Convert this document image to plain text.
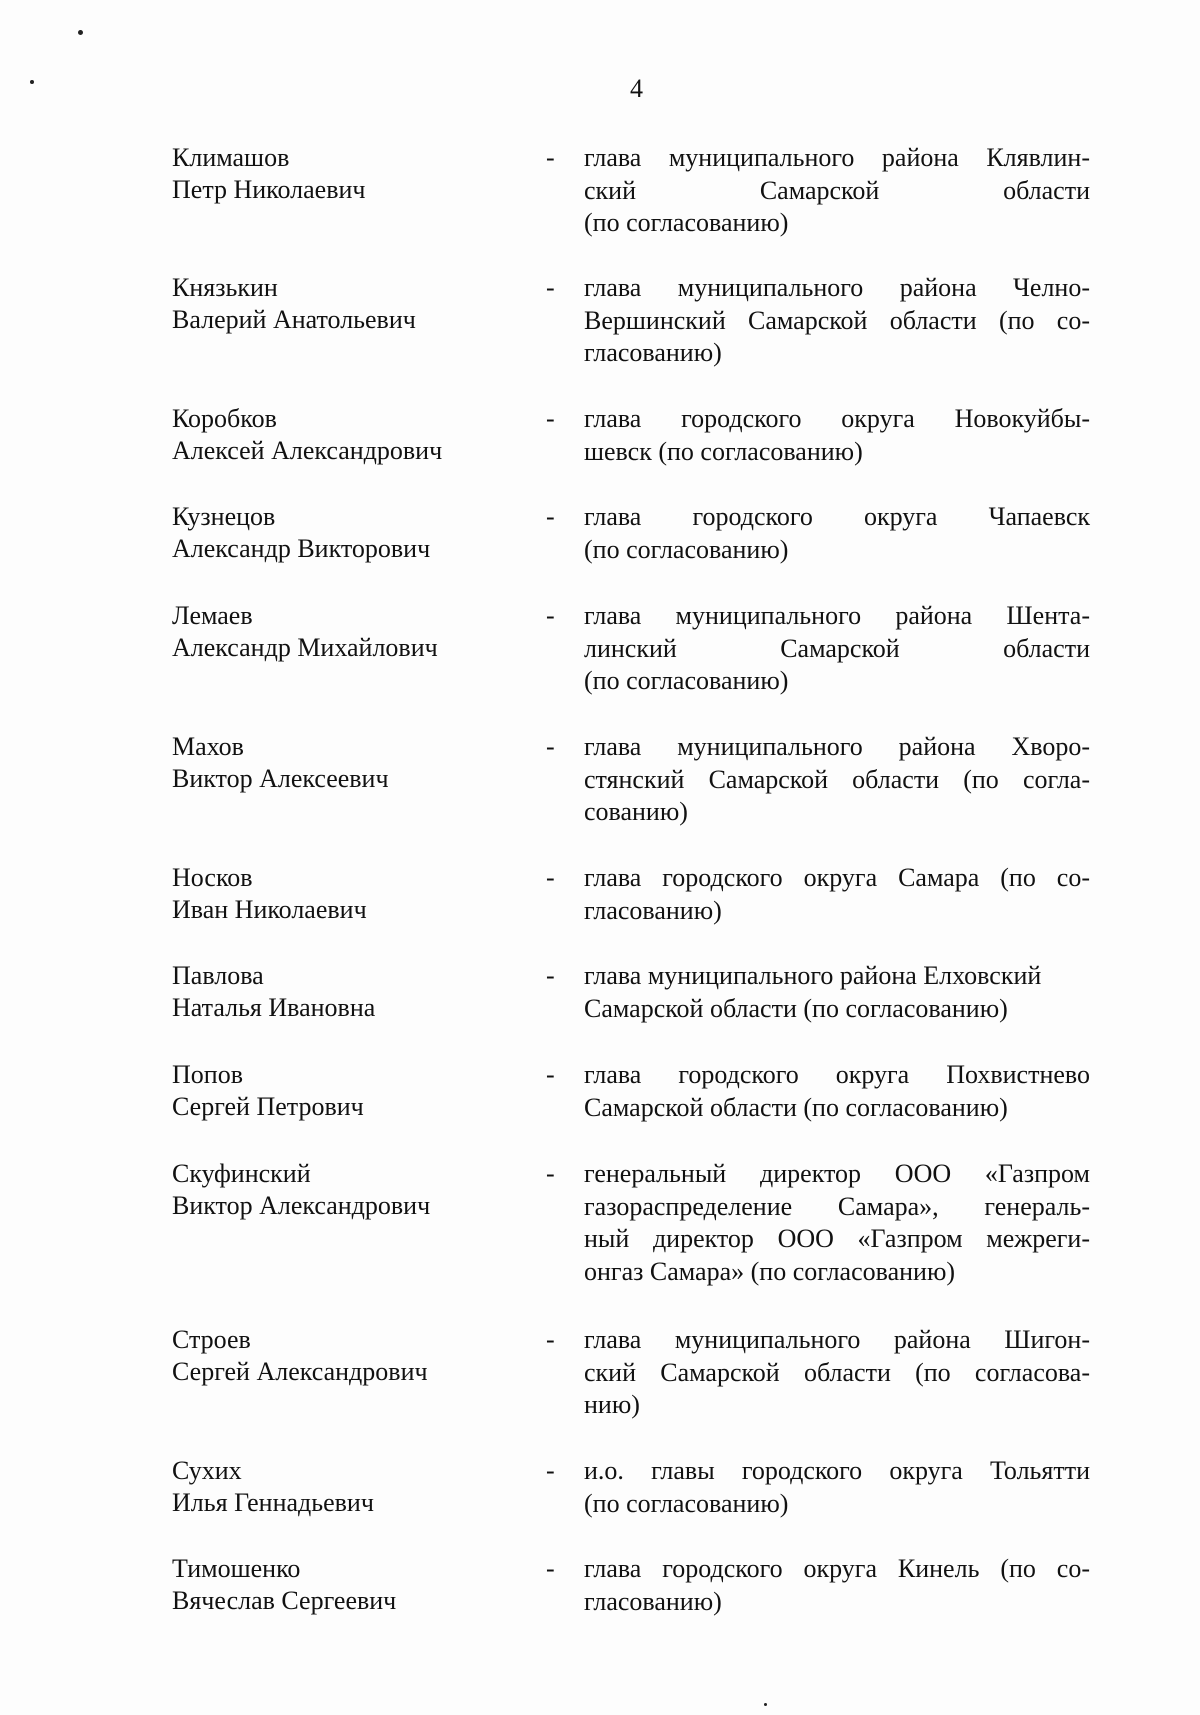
4
Климашов
Петр Николаевич
- глава муниципального района Клявлин-
ский Самарской области
(по согласованию)
Князькин
Валерий Анатольевич
- глава муниципального района Челно-
Вершинский Самарской области (по со-
гласованию)
Коробков
Алексей Александрович
- глава городского округа Новокуйбы-
шевск (по согласованию)
Кузнецов
Александр Викторович
- глава городского округа Чапаевск
(по согласованию)
Лемаев
Александр Михайлович
- глава муниципального района Шента-
линский Самарской области
(по согласованию)
Махов
Виктор Алексеевич
- глава муниципального района Хворо-
стянский Самарской области (по согла-
сованию)
Носков
Иван Николаевич
- глава городского округа Самара (по со-
гласованию)
Павлова
Наталья Ивановна
- глава муниципального района Елховский
Самарской области (по согласованию)
Попов
Сергей Петрович
- глава городского округа Похвистнево
Самарской области (по согласованию)
Скуфинский
Виктор Александрович
- генеральный директор ООО «Газпром
газораспределение Самара», генераль-
ный директор ООО «Газпром межреги-
онгаз Самара» (по согласованию)
Строев
Сергей Александрович
- глава муниципального района Шигон-
ский Самарской области (по согласова-
нию)
Сухих
Илья Геннадьевич
- и.о. главы городского округа Тольятти
(по согласованию)
Тимошенко
Вячеслав Сергеевич
- глава городского округа Кинель (по со-
гласованию)
